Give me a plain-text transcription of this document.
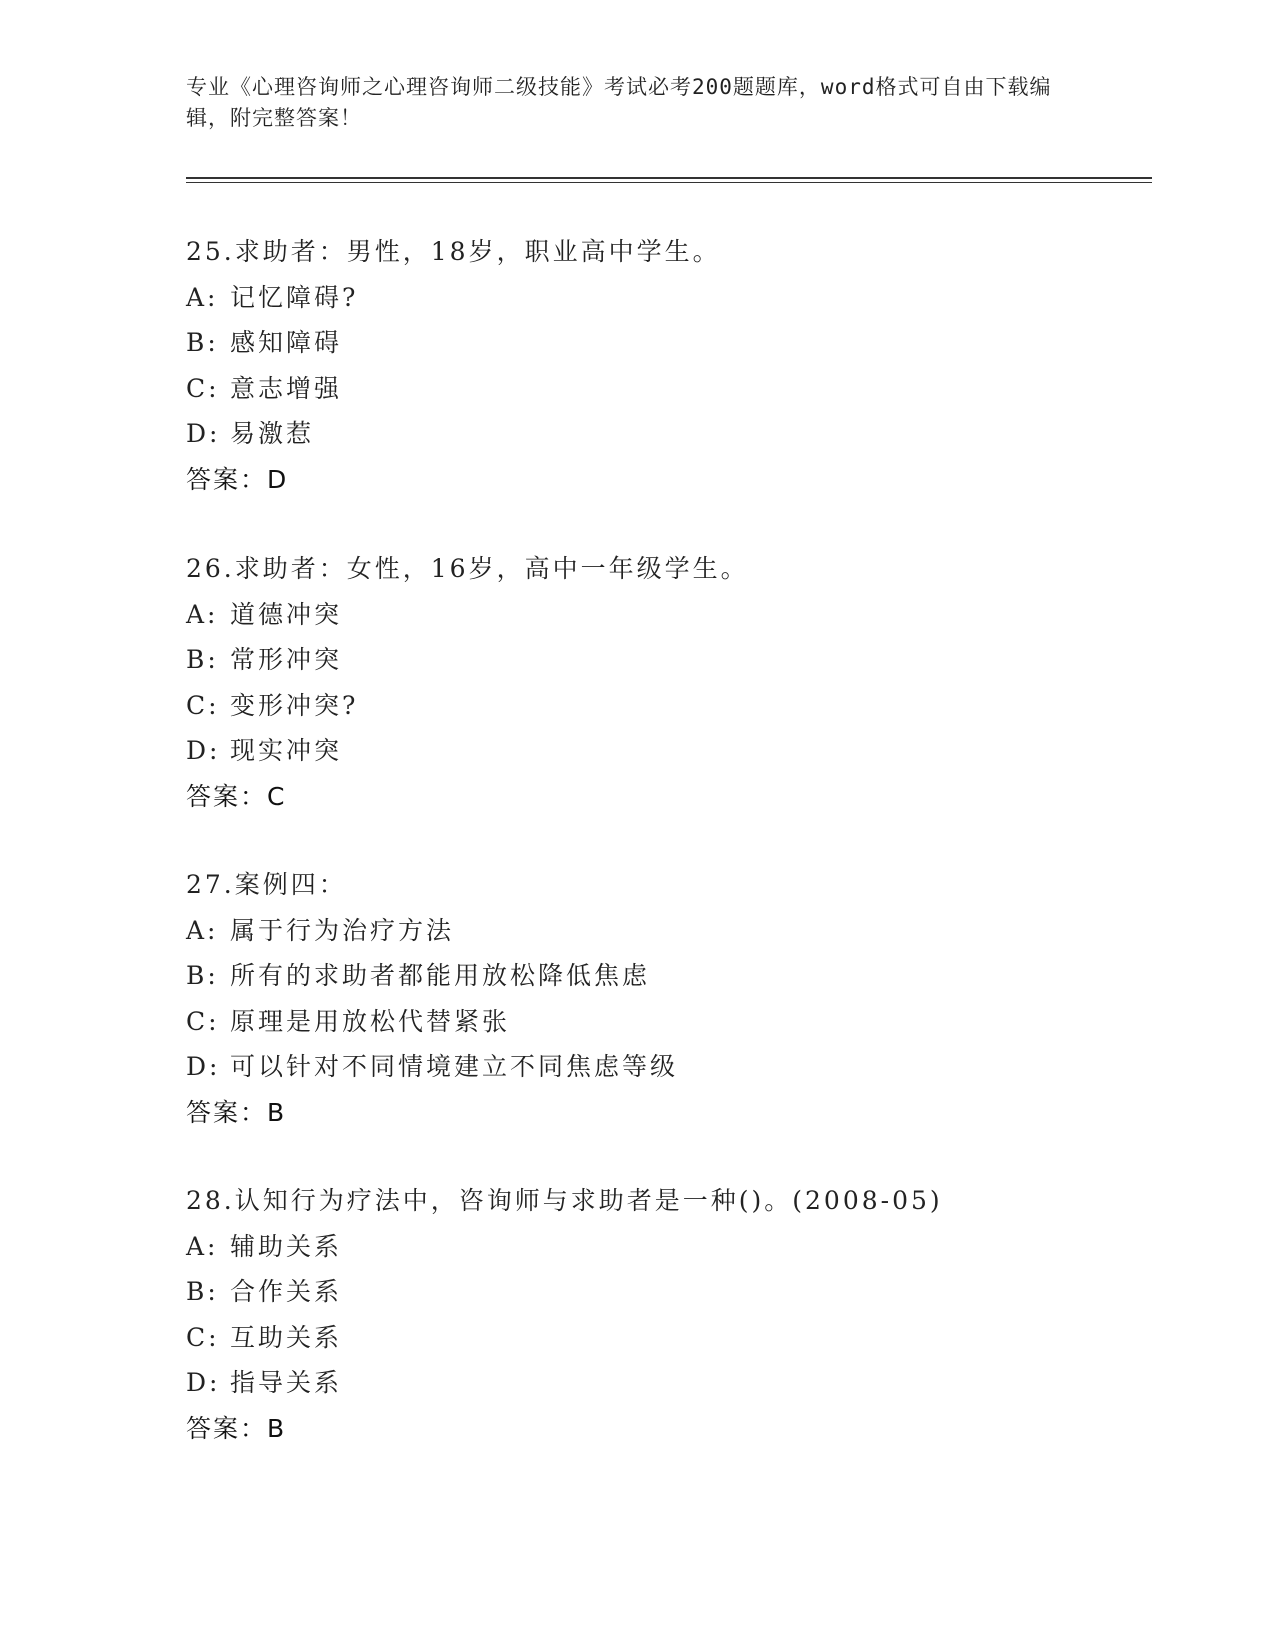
专业《心理咨询师之心理咨询师二级技能》考试必考200题题库，word格式可自由下载编辑，附完整答案！
25.求助者：男性，18岁，职业高中学生。
A: 记忆障碍?
B: 感知障碍
C: 意志增强
D: 易激惹
答案：D
26.求助者：女性，16岁，高中一年级学生。
A: 道德冲突
B: 常形冲突
C: 变形冲突?
D: 现实冲突
答案：C
27.案例四：
A: 属于行为治疗方法
B: 所有的求助者都能用放松降低焦虑
C: 原理是用放松代替紧张
D: 可以针对不同情境建立不同焦虑等级
答案：B
28.认知行为疗法中，咨询师与求助者是一种()。(2008-05)
A: 辅助关系
B: 合作关系
C: 互助关系
D: 指导关系
答案：B
